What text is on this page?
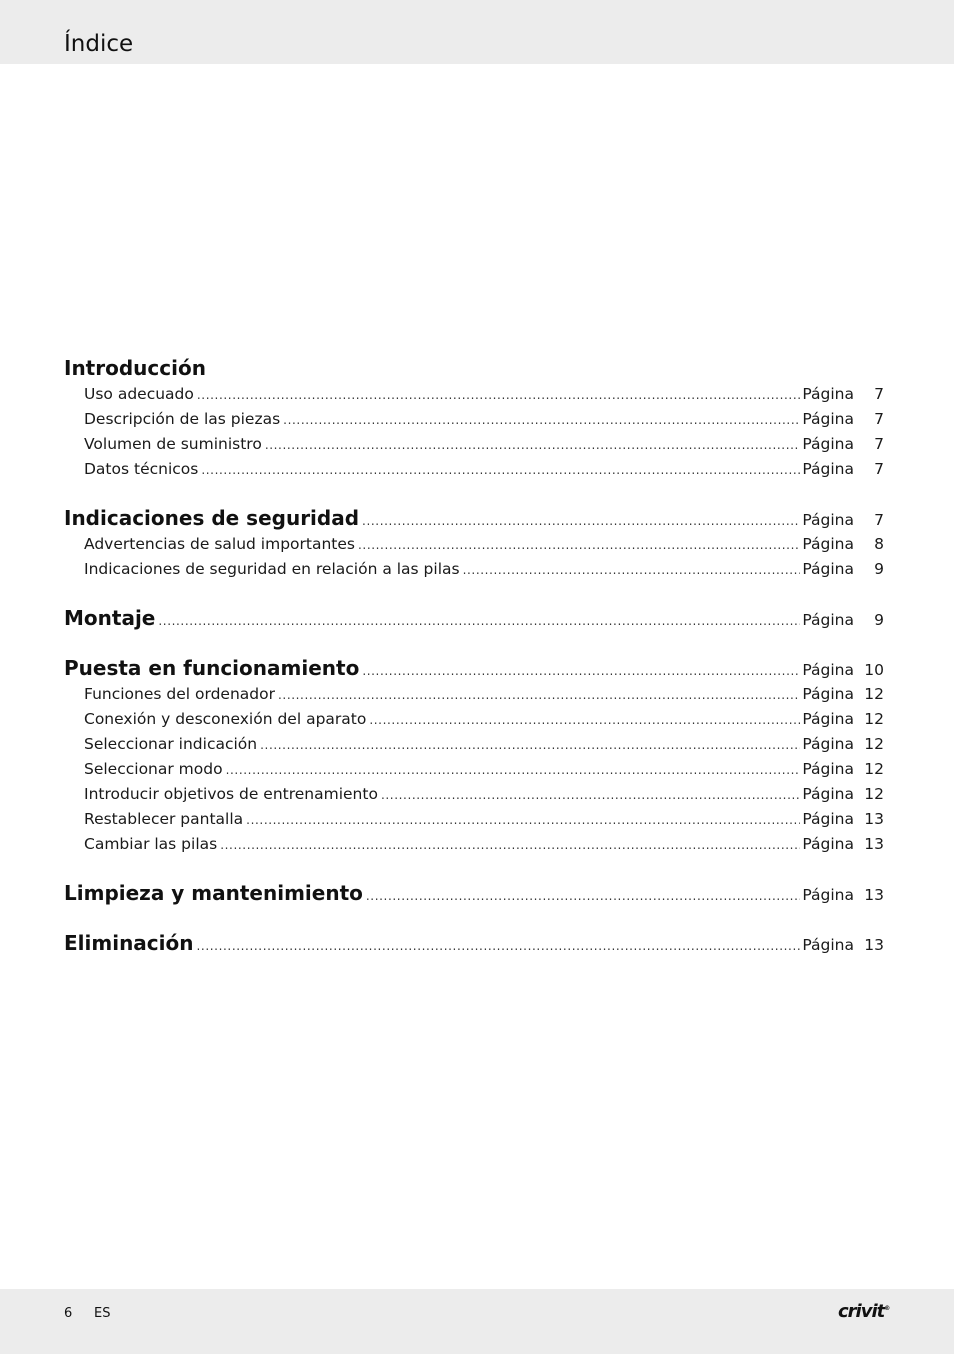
Índice
Introducción
Uso adecuado .....	Página	7
Descripción de las piezas .....	Página	7
Volumen de suministro .....	Página	7
Datos técnicos .....	Página	7
Indicaciones de seguridad .....	Página	7
Advertencias de salud importantes .....	Página	8
Indicaciones de seguridad en relación a las pilas .....	Página	9
Montaje .....	Página	9
Puesta en funcionamiento .....	Página 10
Funciones del ordenador .....	Página 12
Conexión y desconexión del aparato .....	Página 12
Seleccionar indicación .....	Página 12
Seleccionar modo .....	Página 12
Introducir objetivos de entrenamiento .....	Página 12
Restablecer pantalla .....	Página 13
Cambiar las pilas .....	Página 13
Limpieza y mantenimiento .....	Página 13
Eliminación .....	Página 13
6 ES	crivit®
